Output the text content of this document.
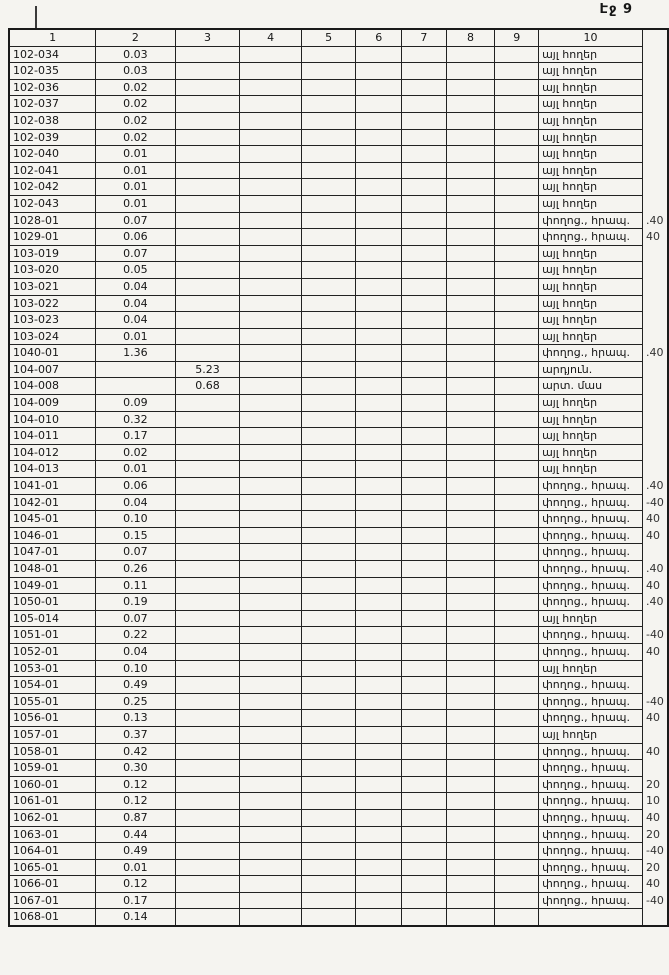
Էջ 9
1	2	3	4	5	6	7	8	9	10	
102-034	0.03								այլ հողեր	
102-035	0.03								այլ հողեր	
102-036	0.02								այլ հողեր	
102-037	0.02								այլ հողեր	
102-038	0.02								այլ հողեր	
102-039	0.02								այլ հողեր	
102-040	0.01								այլ հողեր	
102-041	0.01								այլ հողեր	
102-042	0.01								այլ հողեր	
102-043	0.01								այլ հողեր	
1028-01	0.07								փողոց., հրապ.	.40
1029-01	0.06								փողոց., հրապ.	40
103-019	0.07								այլ հողեր	
103-020	0.05								այլ հողեր	
103-021	0.04								այլ հողեր	
103-022	0.04								այլ հողեր	
103-023	0.04								այլ հողեր	
103-024	0.01								այլ հողեր	
1040-01	1.36								փողոց., հրապ.	.40
104-007		5.23							արդյուն.	
104-008		0.68							արտ. մաս	
104-009	0.09								այլ հողեր	
104-010	0.32								այլ հողեր	
104-011	0.17								այլ հողեր	
104-012	0.02								այլ հողեր	
104-013	0.01								այլ հողեր	
1041-01	0.06								փողոց., հրապ.	.40
1042-01	0.04								փողոց., հրապ.	-40
1045-01	0.10								փողոց., հրապ.	40
1046-01	0.15								փողոց., հրապ.	40
1047-01	0.07								փողոց., հրապ.	
1048-01	0.26								փողոց., հրապ.	.40
1049-01	0.11								փողոց., հրապ.	40
1050-01	0.19								փողոց., հրապ.	.40
105-014	0.07								այլ հողեր	
1051-01	0.22								փողոց., հրապ.	-40
1052-01	0.04								փողոց., հրապ.	40
1053-01	0.10								այլ հողեր	
1054-01	0.49								փողոց., հրապ.	
1055-01	0.25								փողոց., հրապ.	-40
1056-01	0.13								փողոց., հրապ.	40
1057-01	0.37								այլ հողեր	
1058-01	0.42								փողոց., հրապ.	40
1059-01	0.30								փողոց., հրապ.	
1060-01	0.12								փողոց., հրապ.	20
1061-01	0.12								փողոց., հրապ.	10
1062-01	0.87								փողոց., հրապ.	40
1063-01	0.44								փողոց., հրապ.	20
1064-01	0.49								փողոց., հրապ.	-40
1065-01	0.01								փողոց., հրապ.	20
1066-01	0.12								փողոց., հրապ.	40
1067-01	0.17								փողոց., հրապ.	-40
1068-01	0.14									
